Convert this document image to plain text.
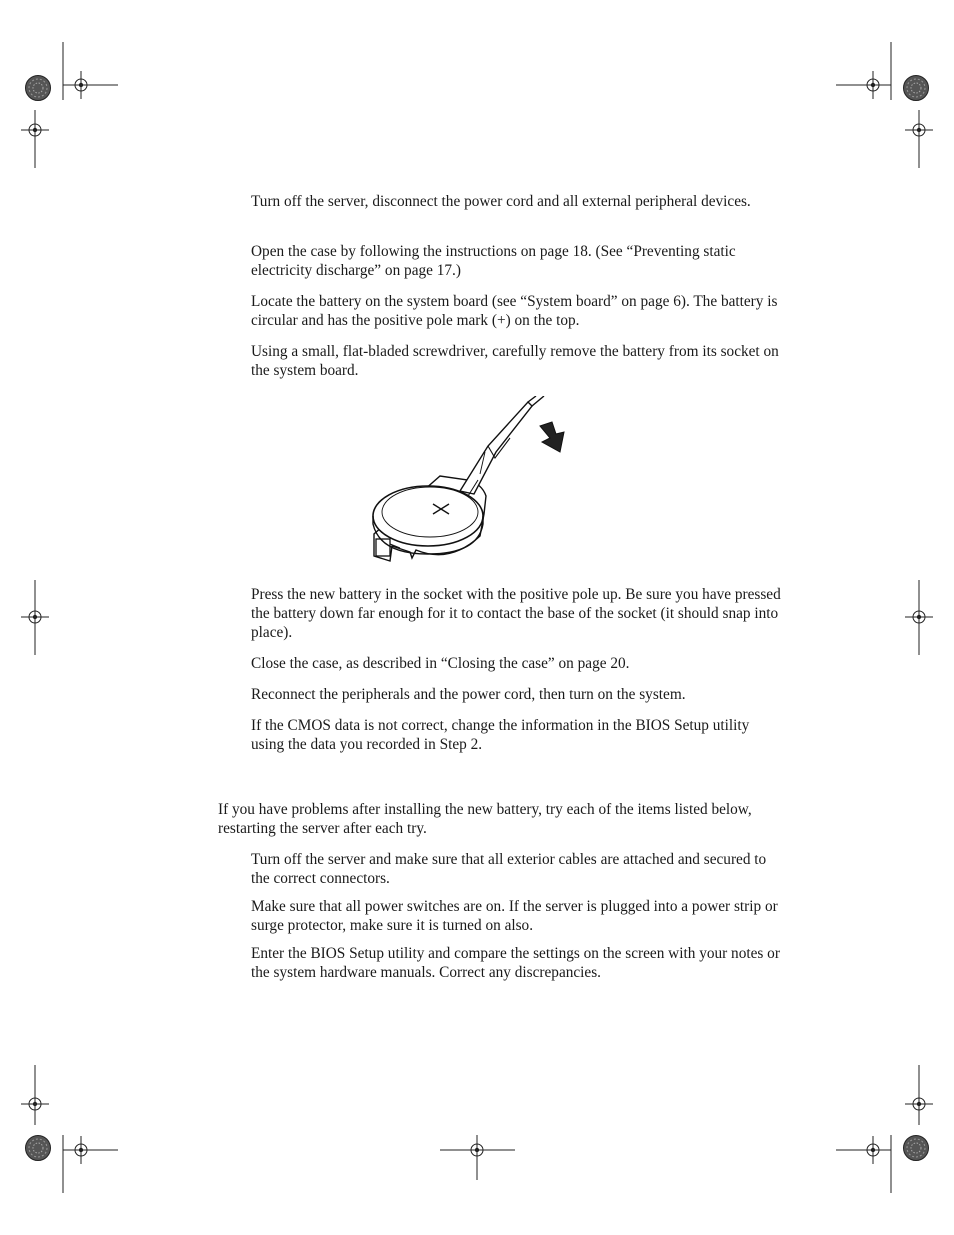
Turn off the server, disconnect the power cord and all external peripheral devices.

Open the case by following the instructions on page 18. (See “Preventing static electricity discharge” on page 17.)

Locate the battery on the system board (see “System board” on page 6). The battery is circular and has the positive pole mark (+) on the top.

Using a small, flat-bladed screwdriver, carefully remove the battery from its socket on the system board.

Press the new battery in the socket with the positive pole up. Be sure you have pressed the battery down far enough for it to contact the base of the socket (it should snap into place).

Close the case, as described in “Closing the case” on page 20.

Reconnect the peripherals and the power cord, then turn on the system.

If the CMOS data is not correct, change the information in the BIOS Setup utility using the data you recorded in Step 2.

If you have problems after installing the new battery, try each of the items listed below, restarting the server after each try.

Turn off the server and make sure that all exterior cables are attached and secured to the correct connectors.

Make sure that all power switches are on. If the server is plugged into a power strip or surge protector, make sure it is turned on also.

Enter the BIOS Setup utility and compare the settings on the screen with your notes or the system hardware manuals. Correct any discrepancies.
